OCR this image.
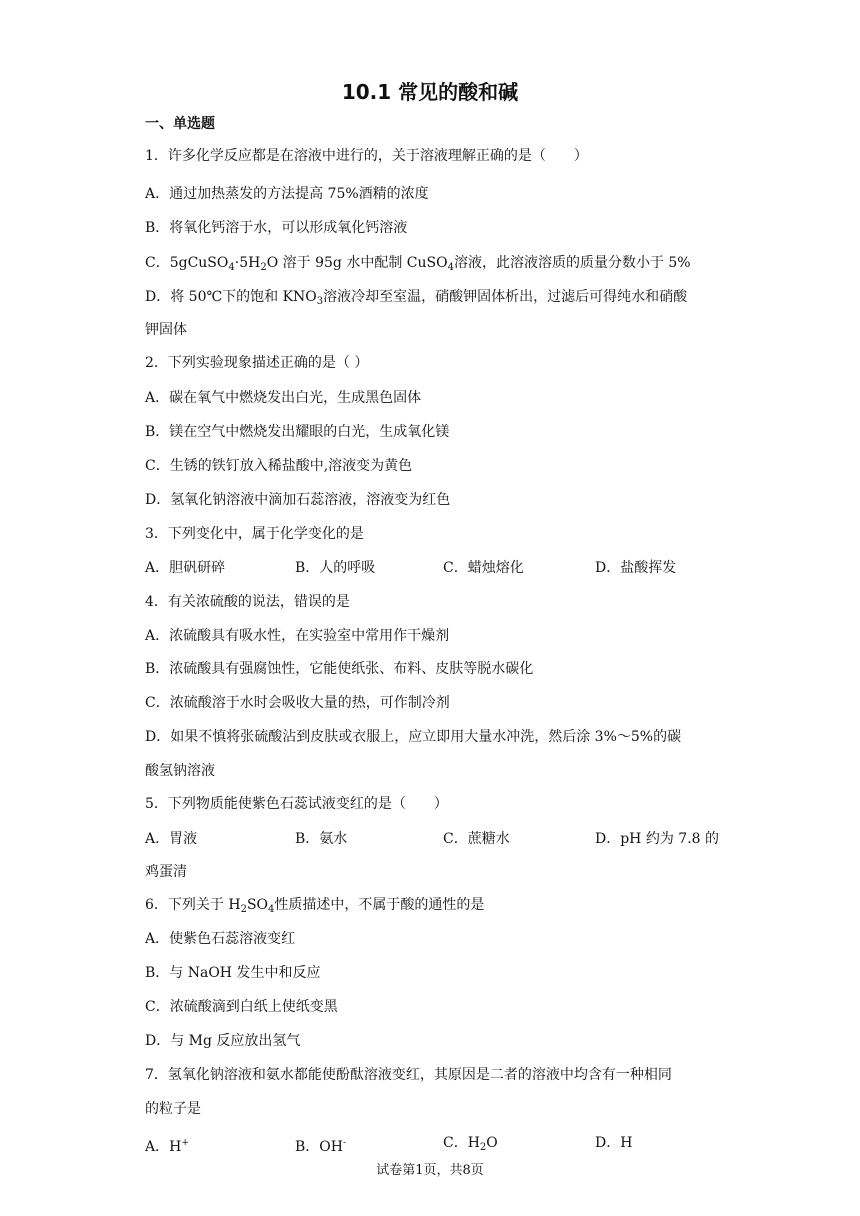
10.1 常见的酸和碱
一、单选题
1．许多化学反应都是在溶液中进行的，关于溶液理解正确的是（　　）
A．通过加热蒸发的方法提高 75%酒精的浓度
B．将氧化钙溶于水，可以形成氧化钙溶液
C．$5gCuSO_4\cdot 5H_2O$ 溶于 95g 水中配制 CuSO$_4$溶液，此溶液溶质的质量分数小于 5%
D．将 50℃下的饱和 $KNO_3$溶液冷却至室温，硝酸钾固体析出，过滤后可得纯水和硝酸
钾固体
2．下列实验现象描述正确的是（ ）
A．碳在氧气中燃烧发出白光，生成黑色固体
B．镁在空气中燃烧发出耀眼的白光，生成氧化镁
C．生锈的铁钉放入稀盐酸中,溶液变为黄色
D．氢氧化钠溶液中滴加石蕊溶液，溶液变为红色
3．下列变化中，属于化学变化的是
A．胆矾研碎	B．人的呼吸	C．蜡烛熔化	D．盐酸挥发
4．有关浓硫酸的说法，错误的是
A．浓硫酸具有吸水性，在实验室中常用作干燥剂
B．浓硫酸具有强腐蚀性，它能使纸张、布料、皮肤等脱水碳化
C．浓硫酸溶于水时会吸收大量的热，可作制冷剂
D．如果不慎将张硫酸沾到皮肤或衣服上，应立即用大量水冲洗，然后涂 3%～5%的碳
酸氢钠溶液
5．下列物质能使紫色石蕊试液变红的是（　　）
A．胃液	B．氨水	C．蔗糖水	D．pH 约为 7.8 的
鸡蛋清
6．下列关于 $H_2SO_4$性质描述中，不属于酸的通性的是
A．使紫色石蕊溶液变红
B．与 NaOH 发生中和反应
C．浓硫酸滴到白纸上使纸变黑
D．与 Mg 反应放出氢气
7．氢氧化钠溶液和氨水都能使酚酞溶液变红，其原因是二者的溶液中均含有一种相同
的粒子是
A．H+	B．OH-	C．$H_2O$	D．H
试卷第1页，共8页
